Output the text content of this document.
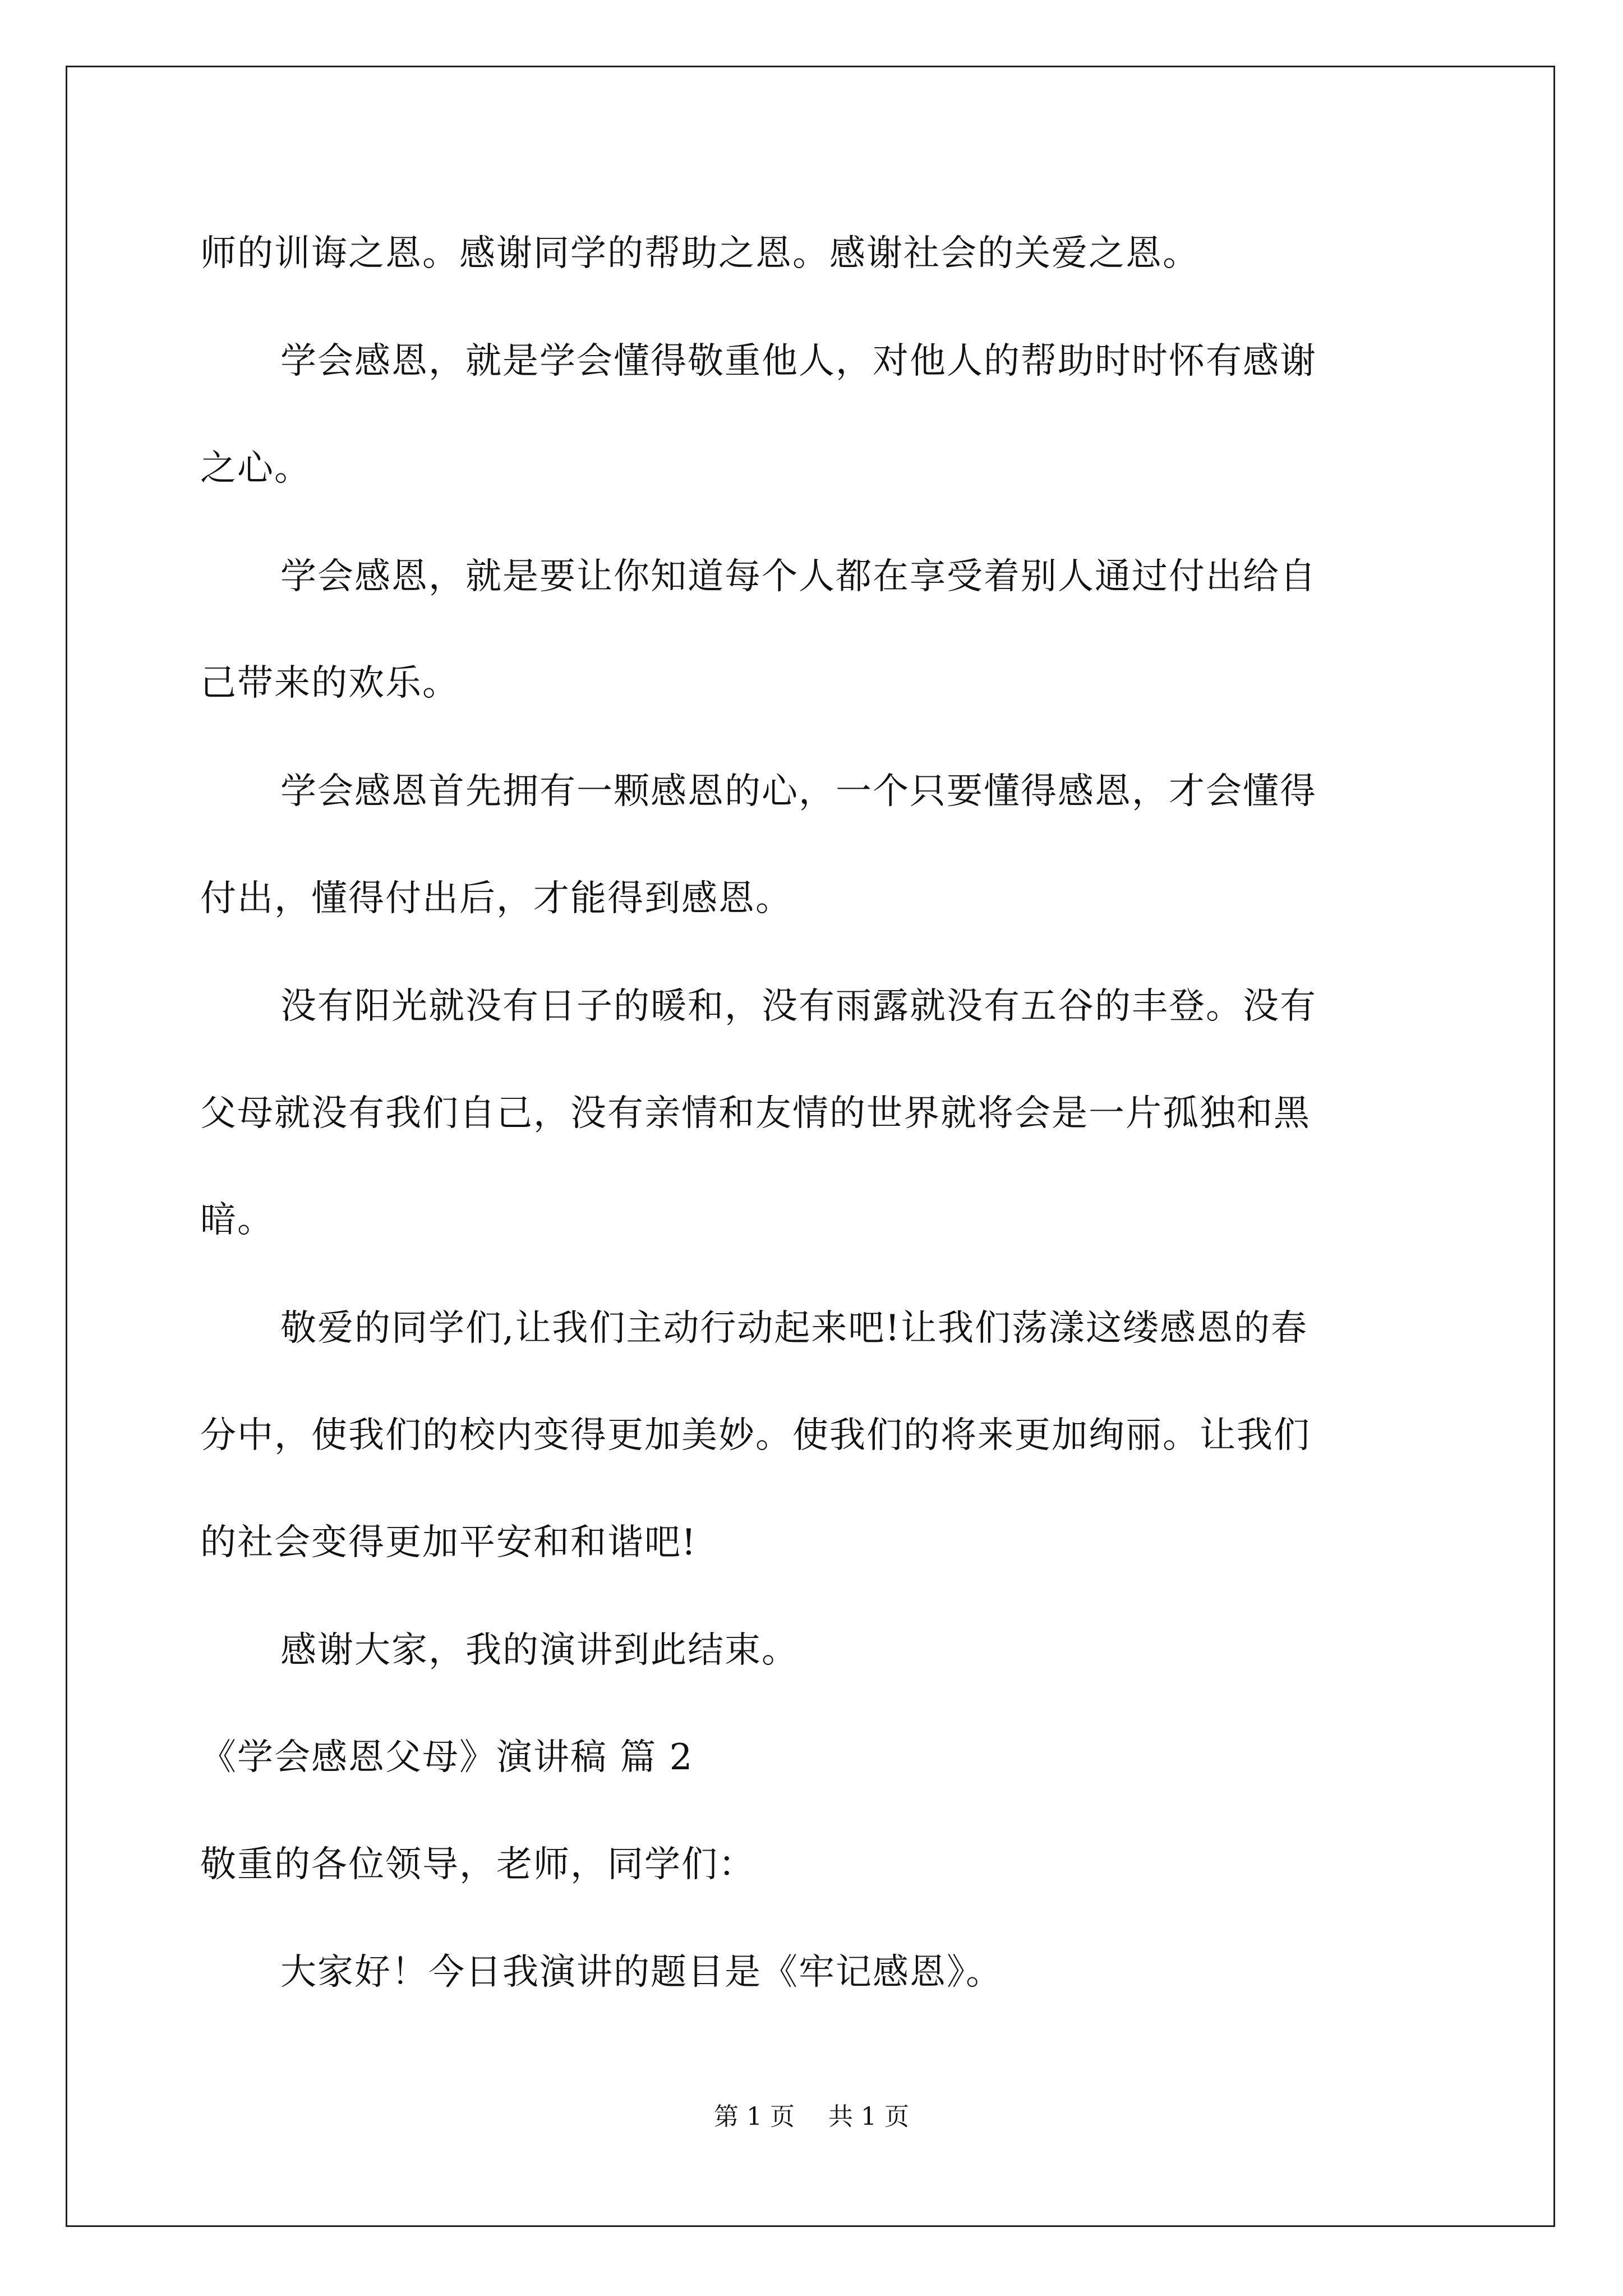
师的训诲之恩。感谢同学的帮助之恩。感谢社会的关爱之恩。
学会感恩，就是学会懂得敬重他人，对他人的帮助时时怀有感谢
之心。
学会感恩，就是要让你知道每个人都在享受着别人通过付出给自
己带来的欢乐。
学会感恩首先拥有一颗感恩的心，一个只要懂得感恩，才会懂得
付出，懂得付出后，才能得到感恩。
没有阳光就没有日子的暖和，没有雨露就没有五谷的丰登。没有
父母就没有我们自己，没有亲情和友情的世界就将会是一片孤独和黑
暗。
敬爱的同学们,让我们主动行动起来吧!让我们荡漾这缕感恩的春
分中，使我们的校内变得更加美妙。使我们的将来更加绚丽。让我们
的社会变得更加平安和和谐吧!
感谢大家，我的演讲到此结束。
《学会感恩父母》演讲稿 篇 2
敬重的各位领导，老师，同学们：
大家好！今日我演讲的题目是《牢记感恩》。
第 1 页 共 1 页
